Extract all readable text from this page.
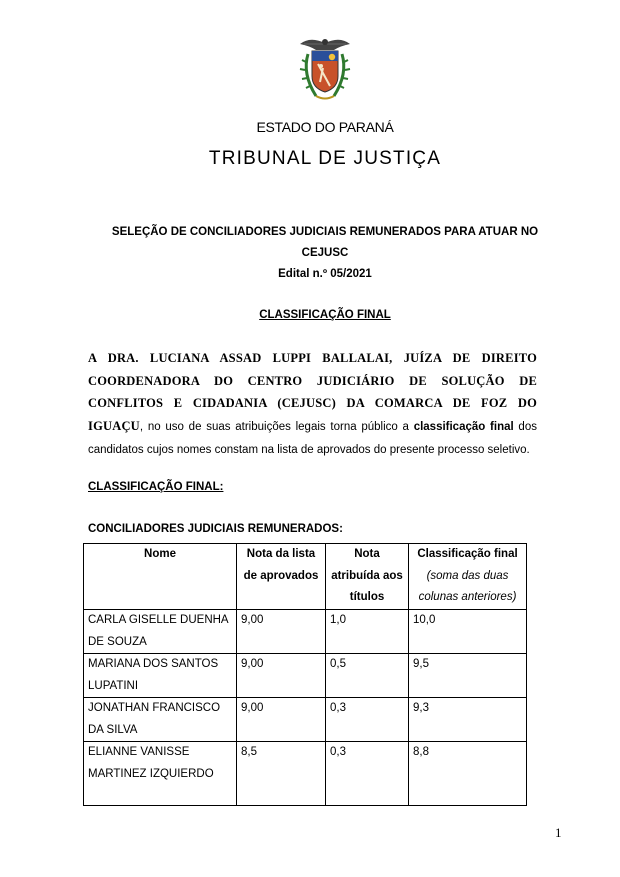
ESTADO DO PARANÁ
TRIBUNAL DE JUSTIÇA
SELEÇÃO DE CONCILIADORES JUDICIAIS REMUNERADOS PARA ATUAR NO
CEJUSC
Edital n.º 05/2021
CLASSIFICAÇÃO FINAL
A DRA. LUCIANA ASSAD LUPPI BALLALAI, JUÍZA DE DIREITO COORDENADORA DO CENTRO JUDICIÁRIO DE SOLUÇÃO DE CONFLITOS E CIDADANIA (CEJUSC) DA COMARCA DE FOZ DO IGUAÇU, no uso de suas atribuições legais torna público a classificação final dos candidatos cujos nomes constam na lista de aprovados do presente processo seletivo.
CLASSIFICAÇÃO FINAL:
CONCILIADORES JUDICIAIS REMUNERADOS:
Nome	Nota da lista de aprovados	Nota atribuída aos títulos	Classificação final
(soma das duas colunas anteriores)

CARLA GISELLE DUENHA DE SOUZA	9,00	1,0	10,0
MARIANA DOS SANTOS LUPATINI	9,00	0,5	9,5
JONATHAN FRANCISCO DA SILVA	9,00	0,3	9,3
ELIANNE VANISSE MARTINEZ IZQUIERDO	8,5	0,3	8,8
1
